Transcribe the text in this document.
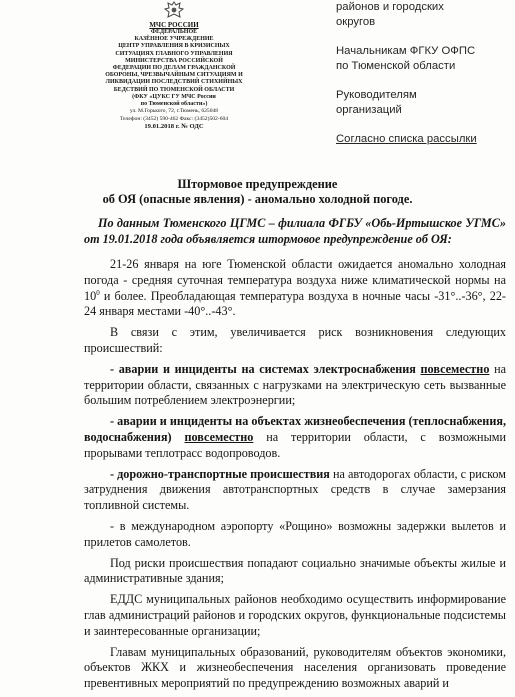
МЧС РОССИИ
ФЕДЕРАЛЬНОЕ
КАЗЁННОЕ УЧРЕЖДЕНИЕ
ЦЕНТР УПРАВЛЕНИЯ В КРИЗИСНЫХ
СИТУАЦИЯХ ГЛАВНОГО УПРАВЛЕНИЯ
МИНИСТЕРСТВА РОССИЙСКОЙ
ФЕДЕРАЦИИ ПО ДЕЛАМ ГРАЖДАНСКОЙ
ОБОРОНЫ, ЧРЕЗВЫЧАЙНЫМ СИТУАЦИЯМ И
ЛИКВИДАЦИИ ПОСЛЕДСТВИЙ СТИХИЙНЫХ
БЕДСТВИЙ ПО ТЮМЕНСКОЙ ОБЛАСТИ
(ФКУ «ЦУКС ГУ МЧС России
по Тюменской области»)
ул. М.Горького, 72, г.Тюмень, 625048
Телефон: (3452) 590-462 Факс: (3452)502-604
19.01.2018 г. № ОДС
районов и городских
округов
Начальникам ФГКУ ОФПС
по Тюменской области
Руководителям
организаций
Согласно списка рассылки
Штормовое предупреждение
об ОЯ (опасные явления) - аномально холодной погоде.

По данным Тюменского ЦГМС – филиала ФГБУ «Обь-Иртышское УГМС» от 19.01.2018 года объявляется штормовое предупреждение об ОЯ:

21-26 января на юге Тюменской области ожидается аномально холодная погода - средняя суточная температура воздуха ниже климатической нормы на $10^0$ и более. Преобладающая температура воздуха в ночные часы -31°..-36°, 22-24 января местами -40°..-43°.

В связи с этим, увеличивается риск возникновения следующих происшествий:

- аварии и инциденты на системах электроснабжения повсеместно на территории области, связанных с нагрузками на электрическую сеть вызванные большим потреблением электроэнергии;

- аварии и инциденты на объектах жизнеобеспечения (теплоснабжения, водоснабжения) повсеместно на территории области, с возможными прорывами теплотрасс водопроводов.

- дорожно-транспортные происшествия на автодорогах области, с риском затруднения движения автотранспортных средств в случае замерзания топливной системы.

- в международном аэропорту «Рощино» возможны задержки вылетов и прилетов самолетов.

Под риски происшествия попадают социально значимые объекты жилые и административные здания;

ЕДДС муниципальных районов необходимо осуществить информирование глав администраций районов и городских округов, функциональные подсистемы и заинтересованные организации;

Главам муниципальных образований, руководителям объектов экономики, объектов ЖКХ и жизнеобеспечения населения организовать проведение превентивных мероприятий по предупреждению возможных аварий и
